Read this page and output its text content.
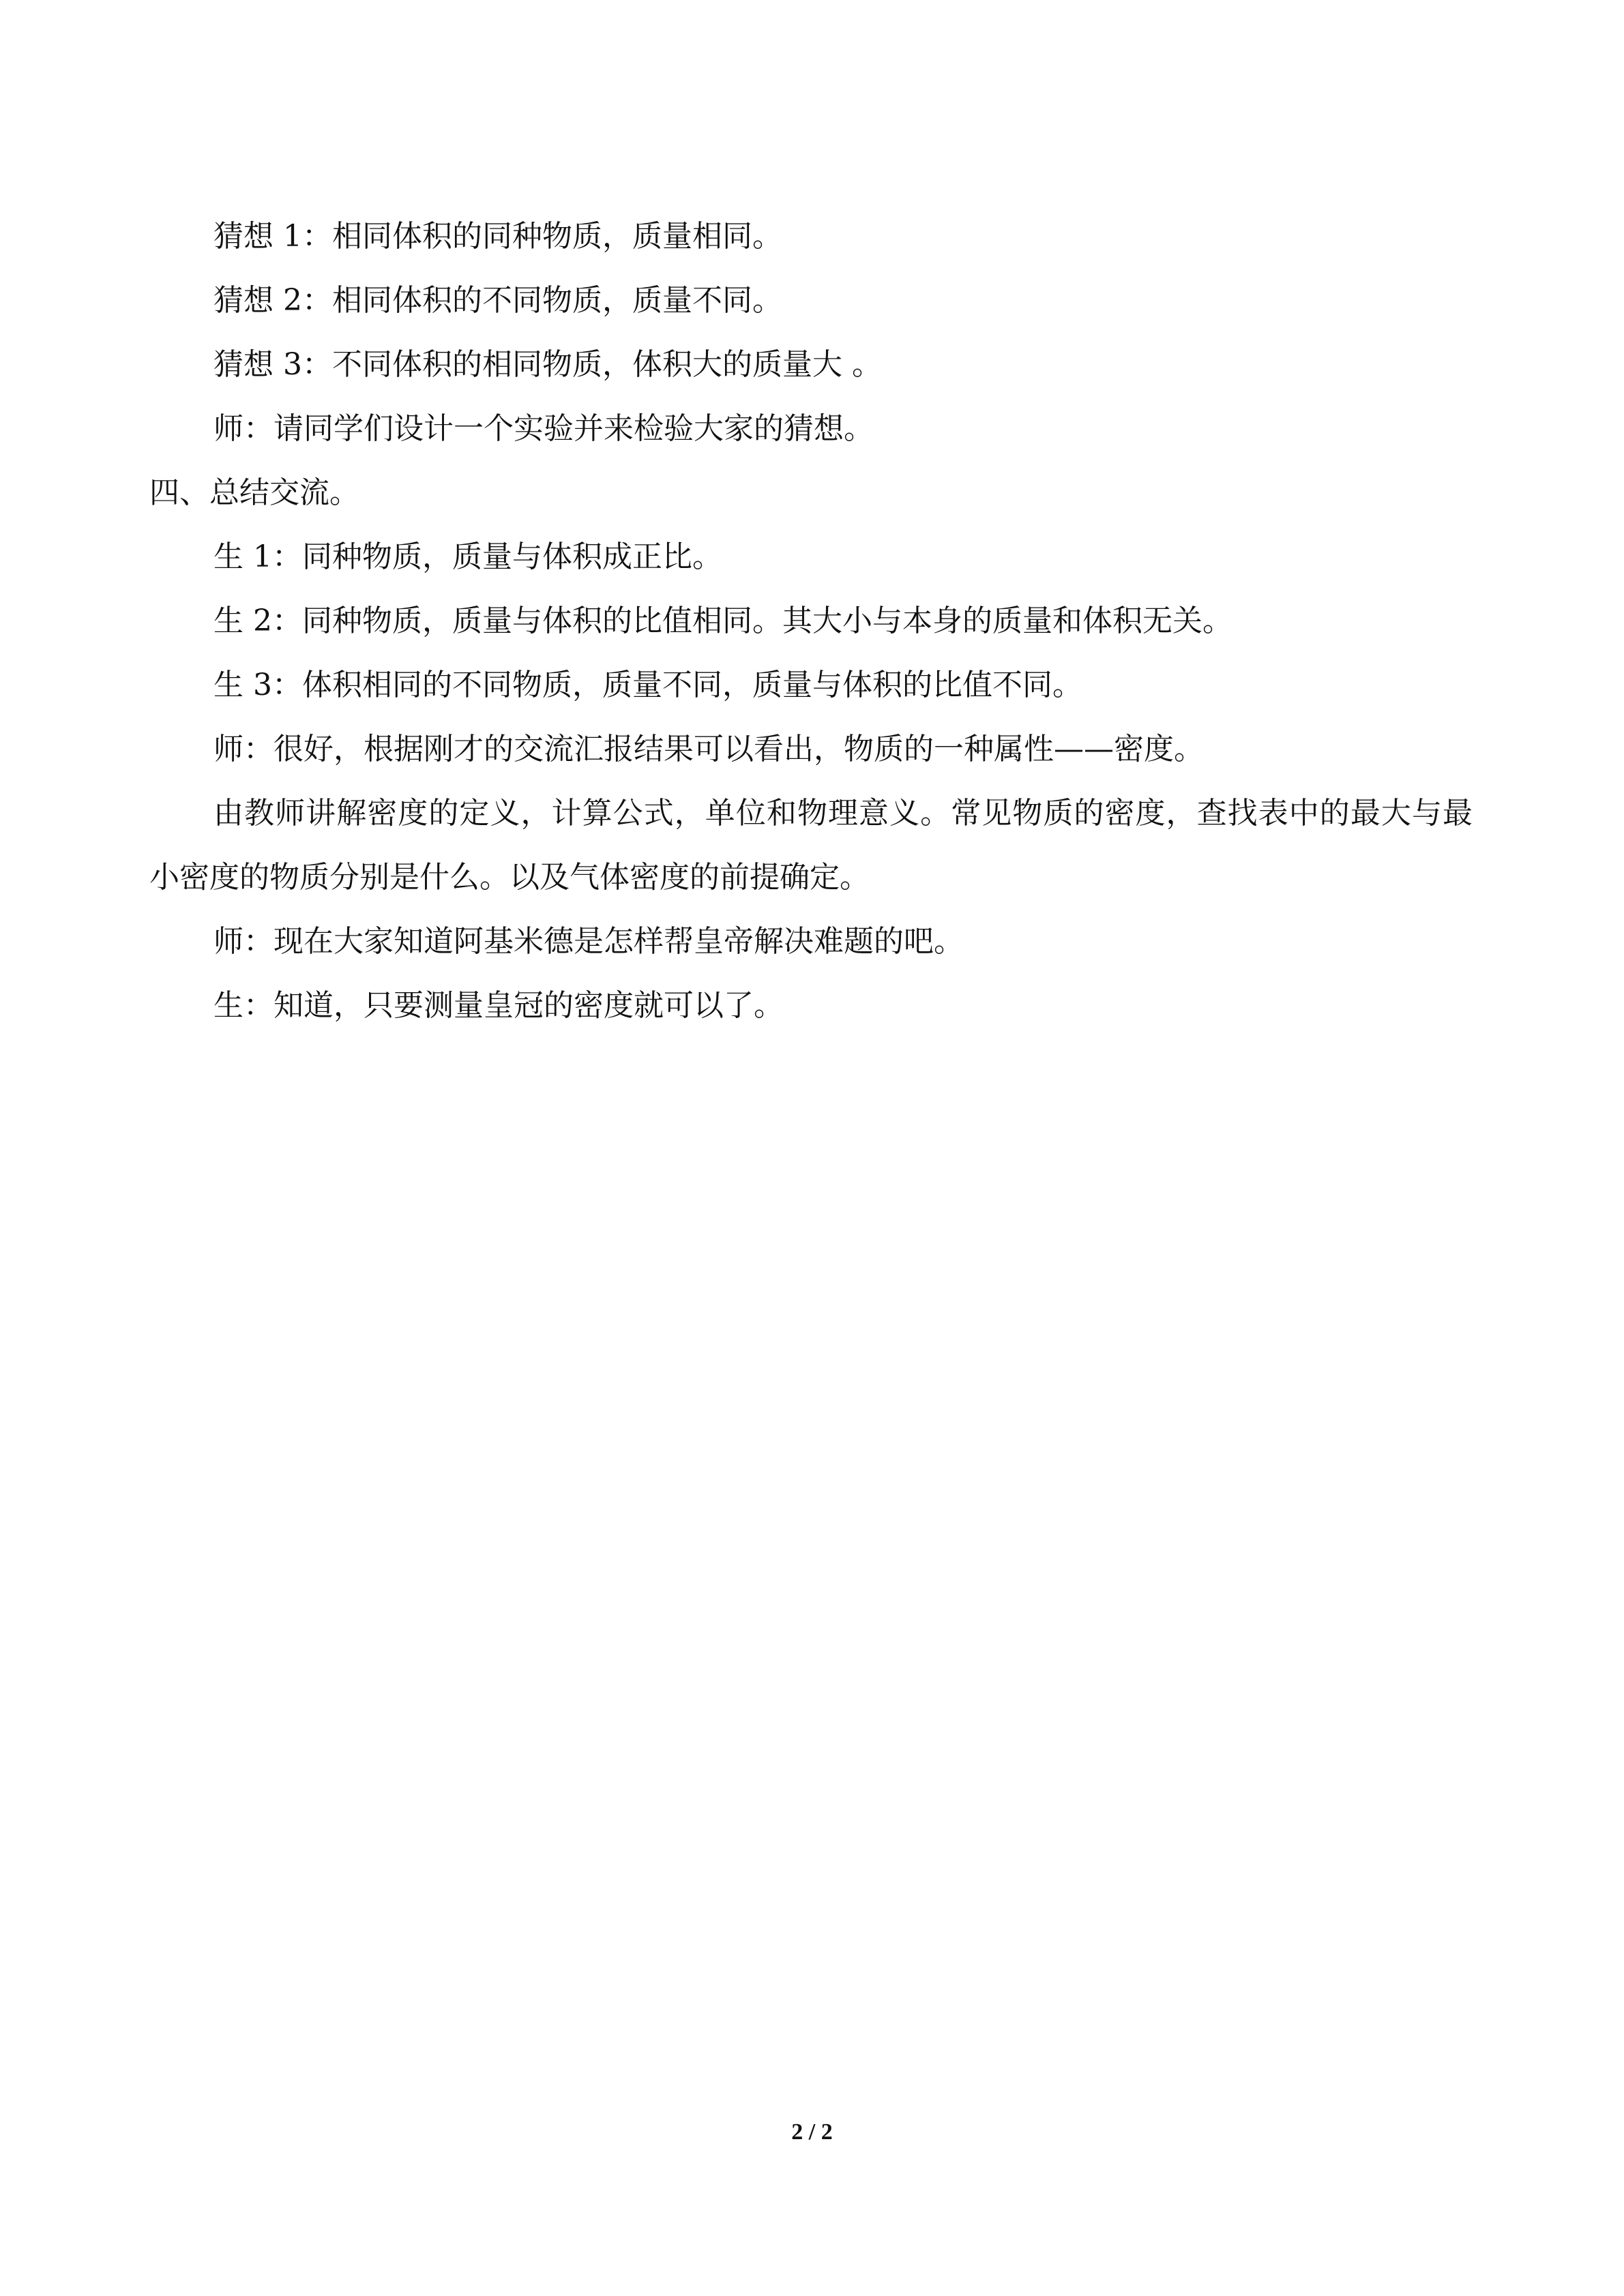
猜想 1：相同体积的同种物质，质量相同。

猜想 2：相同体积的不同物质，质量不同。

猜想 3：不同体积的相同物质，体积大的质量大 。

师：请同学们设计一个实验并来检验大家的猜想。

四、总结交流。

生 1：同种物质，质量与体积成正比。

生 2：同种物质，质量与体积的比值相同。其大小与本身的质量和体积无关。

生 3：体积相同的不同物质，质量不同，质量与体积的比值不同。

师：很好，根据刚才的交流汇报结果可以看出，物质的一种属性——密度。

由教师讲解密度的定义，计算公式，单位和物理意义。常见物质的密度，查找表中的最大与最小密度的物质分别是什么。以及气体密度的前提确定。

师：现在大家知道阿基米德是怎样帮皇帝解决难题的吧。

生：知道，只要测量皇冠的密度就可以了。

2 / 2
